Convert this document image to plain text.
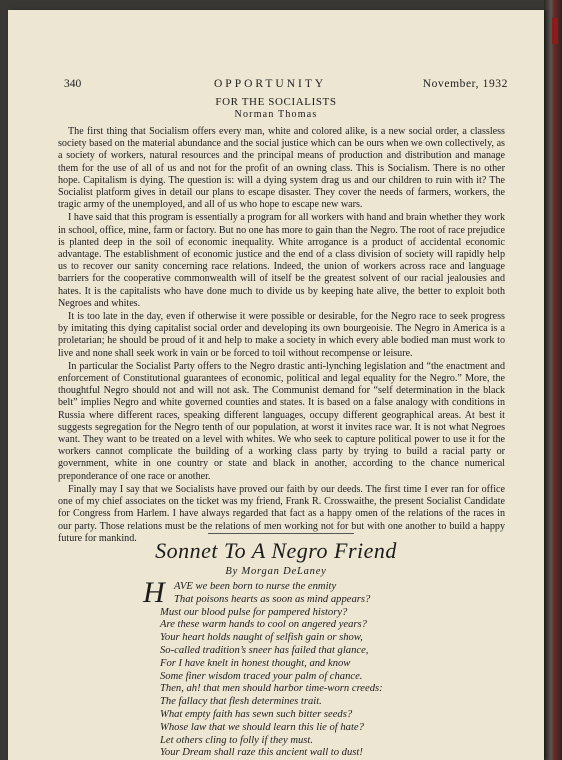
340	OPPORTUNITY	November, 1932
FOR THE SOCIALISTS
Norman Thomas

The first thing that Socialism offers every man, white and colored alike, is a new social order, a classless society based on the material abundance and the social justice which can be ours when we own collectively, as a society of workers, natural resources and the principal means of production and distribution and manage them for the use of all of us and not for the profit of an owning class. This is Socialism. There is no other hope. Capitalism is dying. The question is: will a dying system drag us and our children to ruin with it? The Socialist platform gives in detail our plans to escape disaster. They cover the needs of farmers, workers, the tragic army of the unemployed, and all of us who hope to escape new wars.

I have said that this program is essentially a program for all workers with hand and brain whether they work in school, office, mine, farm or factory. But no one has more to gain than the Negro. The root of race prejudice is planted deep in the soil of economic inequality. White arrogance is a product of accidental economic advantage. The establishment of economic justice and the end of a class division of society will rapidly help us to recover our sanity concerning race relations. Indeed, the union of workers across race and language barriers for the cooperative commonwealth will of itself be the greatest solvent of our racial jealousies and hates. It is the capitalists who have done much to divide us by keeping hate alive, the better to exploit both Negroes and whites.

It is too late in the day, even if otherwise it were possible or desirable, for the Negro race to seek progress by imitating this dying capitalist social order and developing its own bourgeoisie. The Negro in America is a proletarian; he should be proud of it and help to make a society in which every able bodied man must work to live and none shall seek work in vain or be forced to toil without recompense or leisure.

In particular the Socialist Party offers to the Negro drastic anti-lynching legislation and “the enactment and enforcement of Constitutional guarantees of economic, political and legal equality for the Negro.” More, the thoughtful Negro should not and will not ask. The Communist demand for “self determination in the black belt” implies Negro and white governed counties and states. It is based on a false analogy with conditions in Russia where different races, speaking different languages, occupy different geographical areas. At best it suggests segregation for the Negro tenth of our population, at worst it invites race war. It is not what Negroes want. They want to be treated on a level with whites. We who seek to capture political power to use it for the workers cannot complicate the building of a working class party by trying to build a racial party or government, white in one country or state and black in another, according to the chance numerical preponderance of one race or another.

Finally may I say that we Socialists have proved our faith by our deeds. The first time I ever ran for office one of my chief associates on the ticket was my friend, Frank R. Crosswaithe, the present Socialist Candidate for Congress from Harlem. I have always regarded that fact as a happy omen of the relations of the races in our party. Those relations must be the relations of men working not for but with one another to build a happy future for mankind. Sonnet To A Negro Friend
By Morgan DeLaney
H AVE we been born to nurse the enmity
That poisons hearts as soon as mind appears?
Must our blood pulse for pampered history?
Are these warm hands to cool on angered years?
Your heart holds naught of selfish gain or show,
So-called tradition’s sneer has failed that glance,
For I have knelt in honest thought, and know
Some finer wisdom traced your palm of chance.
Then, ah! that men should harbor time-worn creeds:
The fallacy that flesh determines trait.
What empty faith has sewn such bitter seeds?
Whose law that we should learn this lie of hate?
Let others cling to folly if they must.
Your Dream shall raze this ancient wall to dust!
